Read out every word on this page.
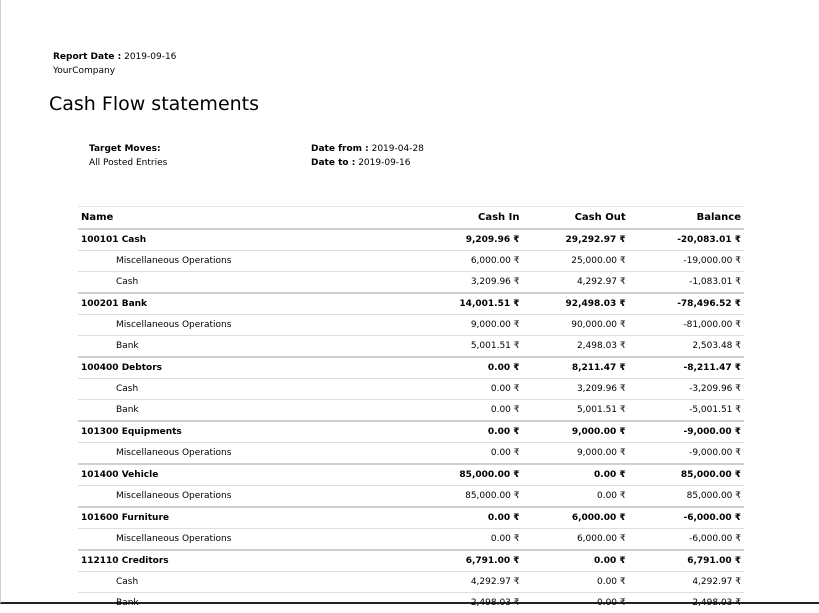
Report Date : 2019-09-16
YourCompany
Cash Flow statements
Target Moves:
All Posted Entries
Date from : 2019-04-28
Date to : 2019-09-16
Name	Cash In	Cash Out	Balance
100101 Cash	9,209.96 ₹	29,292.97 ₹	-20,083.01 ₹
Miscellaneous Operations	6,000.00 ₹	25,000.00 ₹	-19,000.00 ₹
Cash	3,209.96 ₹	4,292.97 ₹	-1,083.01 ₹
100201 Bank	14,001.51 ₹	92,498.03 ₹	-78,496.52 ₹
Miscellaneous Operations	9,000.00 ₹	90,000.00 ₹	-81,000.00 ₹
Bank	5,001.51 ₹	2,498.03 ₹	2,503.48 ₹
100400 Debtors	0.00 ₹	8,211.47 ₹	-8,211.47 ₹
Cash	0.00 ₹	3,209.96 ₹	-3,209.96 ₹
Bank	0.00 ₹	5,001.51 ₹	-5,001.51 ₹
101300 Equipments	0.00 ₹	9,000.00 ₹	-9,000.00 ₹
Miscellaneous Operations	0.00 ₹	9,000.00 ₹	-9,000.00 ₹
101400 Vehicle	85,000.00 ₹	0.00 ₹	85,000.00 ₹
Miscellaneous Operations	85,000.00 ₹	0.00 ₹	85,000.00 ₹
101600 Furniture	0.00 ₹	6,000.00 ₹	-6,000.00 ₹
Miscellaneous Operations	0.00 ₹	6,000.00 ₹	-6,000.00 ₹
112110 Creditors	6,791.00 ₹	0.00 ₹	6,791.00 ₹
Cash	4,292.97 ₹	0.00 ₹	4,292.97 ₹
Bank	2,498.03 ₹	0.00 ₹	2,498.03 ₹
